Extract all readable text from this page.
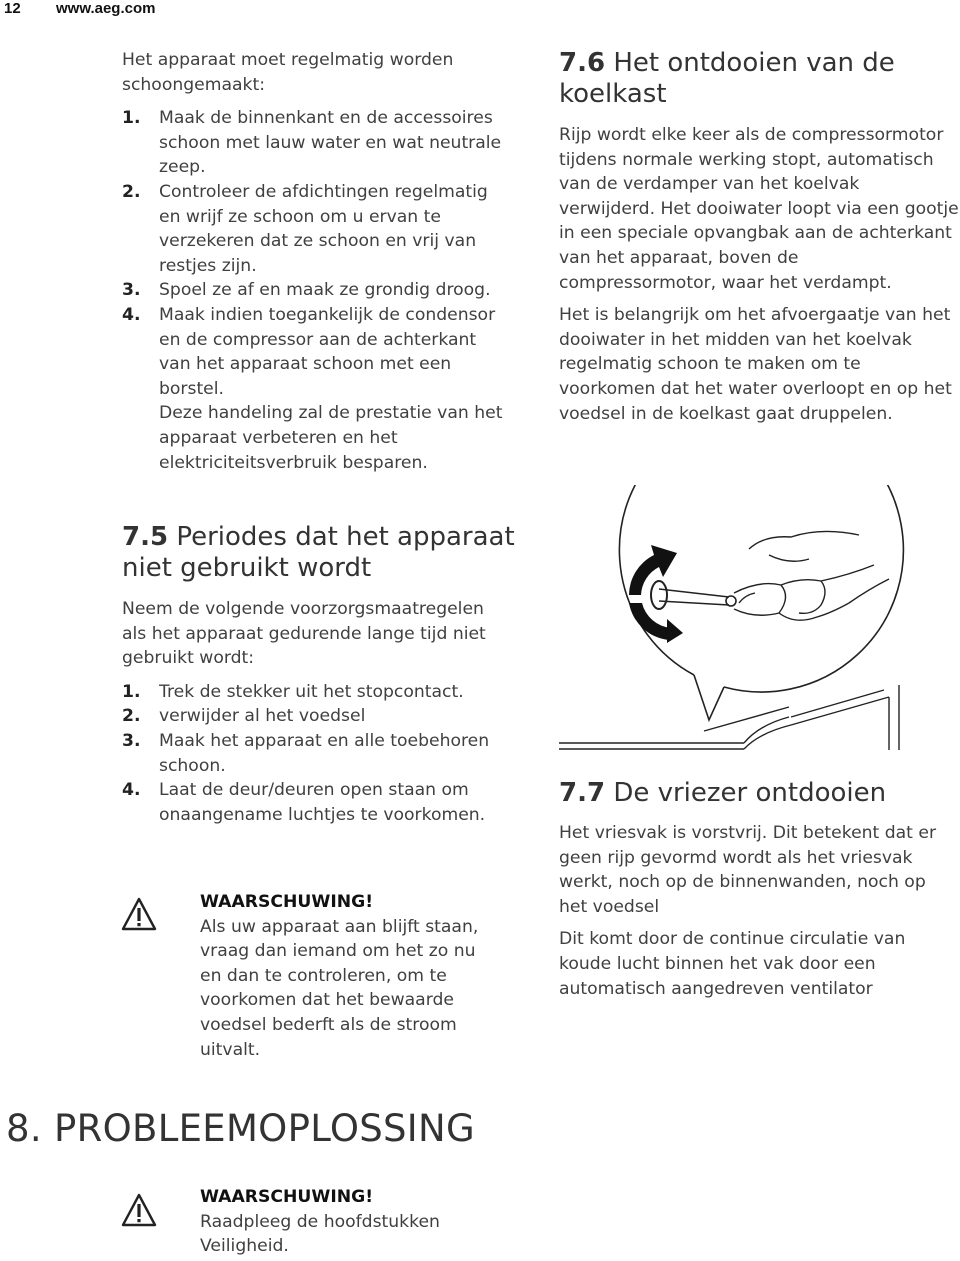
12 www.aeg.com

Het apparaat moet regelmatig worden schoongemaakt:

1. Maak de binnenkant en de accessoires schoon met lauw water en wat neutrale zeep.
2. Controleer de afdichtingen regelmatig en wrijf ze schoon om u ervan te verzekeren dat ze schoon en vrij van restjes zijn.
3. Spoel ze af en maak ze grondig droog.
4. Maak indien toegankelijk de condensor en de compressor aan de achterkant van het apparaat schoon met een borstel.

Deze handeling zal de prestatie van het apparaat verbeteren en het elektriciteitsverbruik besparen.

7.5 Periodes dat het apparaat niet gebruikt wordt

Neem de volgende voorzorgsmaatregelen als het apparaat gedurende lange tijd niet gebruikt wordt:

1. Trek de stekker uit het stopcontact.
2. verwijder al het voedsel
3. Maak het apparaat en alle toebehoren schoon.
4. Laat de deur/deuren open staan om onaangename luchtjes te voorkomen.
WAARSCHUWING!
Als uw apparaat aan blijft staan, vraag dan iemand om het zo nu en dan te controleren, om te voorkomen dat het bewaarde voedsel bederft als de stroom uitvalt.
7.6 Het ontdooien van de koelkast

Rijp wordt elke keer als de compressormotor tijdens normale werking stopt, automatisch van de verdamper van het koelvak verwijderd. Het dooiwater loopt via een gootje in een speciale opvangbak aan de achterkant van het apparaat, boven de compressormotor, waar het verdampt.

Het is belangrijk om het afvoergaatje van het dooiwater in het midden van het koelvak regelmatig schoon te maken om te voorkomen dat het water overloopt en op het voedsel in de koelkast gaat druppelen.

7.7 De vriezer ontdooien

Het vriesvak is vorstvrij. Dit betekent dat er geen rijp gevormd wordt als het vriesvak werkt, noch op de binnenwanden, noch op het voedsel

Dit komt door de continue circulatie van koude lucht binnen het vak door een automatisch aangedreven ventilator

8. PROBLEEMOPLOSSING
WAARSCHUWING!
Raadpleeg de hoofdstukken Veiligheid.
